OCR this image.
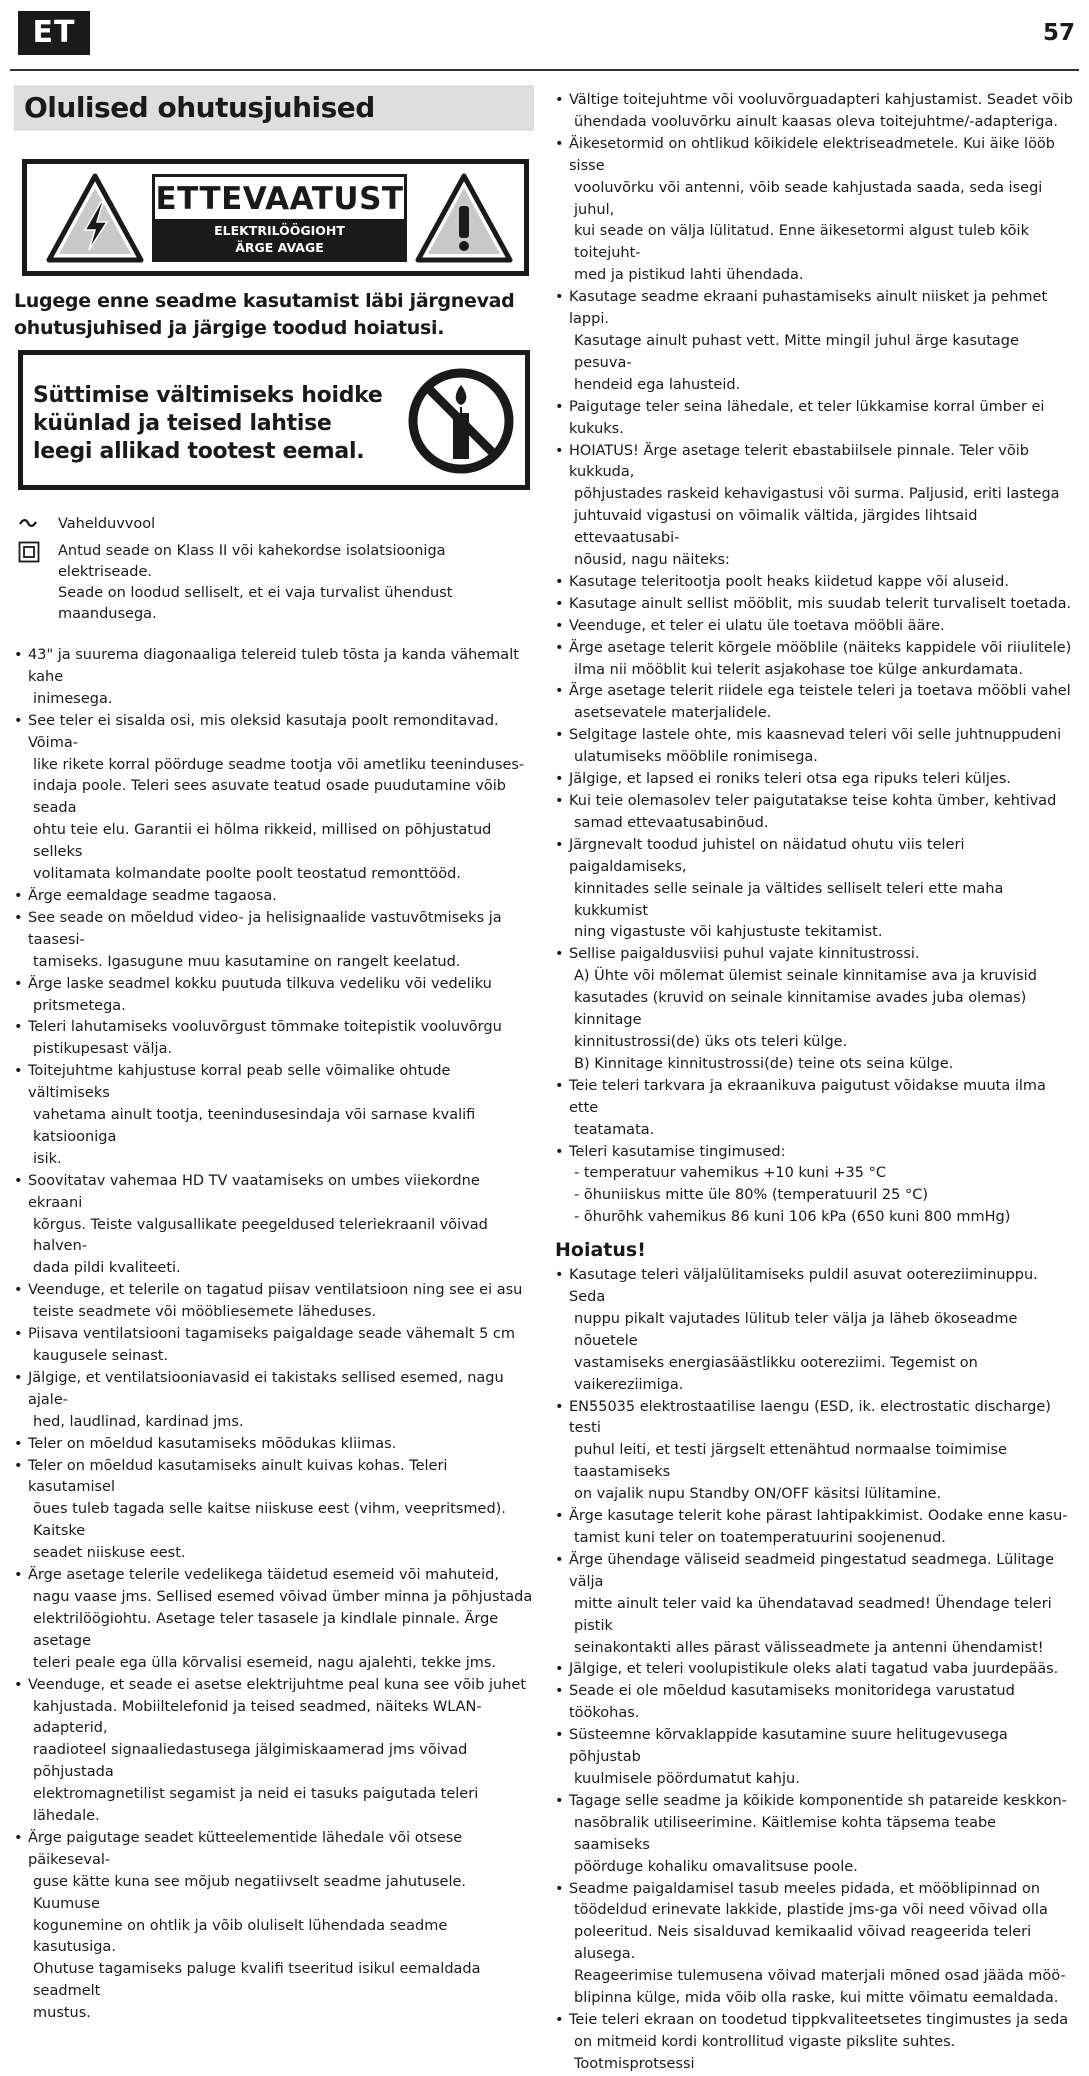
ET	57
Olulised ohutusjuhised
ETTEVAATUST
ELEKTRILÖÖGIOHT
ÄRGE AVAGE
Lugege enne seadme kasutamist läbi järgnevad
ohutusjuhised ja järgige toodud hoiatusi.
Süttimise vältimiseks hoidke
küünlad ja teised lahtise
leegi allikad tootest eemal.
Vahelduvvool
Antud seade on Klass II või kahekordse isolatsiooniga elektriseade.
Seade on loodud selliselt, et ei vaja turvalist ühendust
maandusega.
• 43" ja suurema diagonaaliga telereid tuleb tõsta ja kanda vähemalt kahe
inimesega.
• See teler ei sisalda osi, mis oleksid kasutaja poolt remonditavad. Võima-
like rikete korral pöörduge seadme tootja või ametliku teeninduses-
indaja poole. Teleri sees asuvate teatud osade puudutamine võib seada
ohtu teie elu. Garantii ei hõlma rikkeid, millised on põhjustatud selleks
volitamata kolmandate poolte poolt teostatud remonttööd.
• Ärge eemaldage seadme tagaosa.
• See seade on mõeldud video- ja helisignaalide vastuvõtmiseks ja taasesi-
tamiseks. Igasugune muu kasutamine on rangelt keelatud.
• Ärge laske seadmel kokku puutuda tilkuva vedeliku või vedeliku
pritsmetega.
• Teleri lahutamiseks vooluvõrgust tõmmake toitepistik vooluvõrgu
pistikupesast välja.
• Toitejuhtme kahjustuse korral peab selle võimalike ohtude vältimiseks
vahetama ainult tootja, teenindusesindaja või sarnase kvalifi katsiooniga
isik.
• Soovitatav vahemaa HD TV vaatamiseks on umbes viiekordne ekraani
kõrgus. Teiste valgusallikate peegeldused teleriekraanil võivad halven-
dada pildi kvaliteeti.
• Veenduge, et telerile on tagatud piisav ventilatsioon ning see ei asu
teiste seadmete või mööbliesemete läheduses.
• Piisava ventilatsiooni tagamiseks paigaldage seade vähemalt 5 cm
kaugusele seinast.
• Jälgige, et ventilatsiooniavasid ei takistaks sellised esemed, nagu ajale-
hed, laudlinad, kardinad jms.
• Teler on mõeldud kasutamiseks mõõdukas kliimas.
• Teler on mõeldud kasutamiseks ainult kuivas kohas. Teleri kasutamisel
õues tuleb tagada selle kaitse niiskuse eest (vihm, veepritsmed). Kaitske
seadet niiskuse eest.
• Ärge asetage telerile vedelikega täidetud esemeid või mahuteid,
nagu vaase jms. Sellised esemed võivad ümber minna ja põhjustada
elektrilöögiohtu. Asetage teler tasasele ja kindlale pinnale. Ärge asetage
teleri peale ega ülla kõrvalisi esemeid, nagu ajalehti, tekke jms.
• Veenduge, et seade ei asetse elektrijuhtme peal kuna see võib juhet
kahjustada. Mobiiltelefonid ja teised seadmed, näiteks WLAN-adapterid,
raadioteel signaaliedastusega jälgimiskaamerad jms võivad põhjustada
elektromagnetilist segamist ja neid ei tasuks paigutada teleri lähedale.
• Ärge paigutage seadet kütteelementide lähedale või otsese päikeseval-
guse kätte kuna see mõjub negatiivselt seadme jahutusele. Kuumuse
kogunemine on ohtlik ja võib oluliselt lühendada seadme kasutusiga.
Ohutuse tagamiseks paluge kvalifi tseeritud isikul eemaldada seadmelt
mustus.
• Vältige toitejuhtme või vooluvõrguadapteri kahjustamist. Seadet võib
ühendada vooluvõrku ainult kaasas oleva toitejuhtme/-adapteriga.
• Äikesetormid on ohtlikud kõikidele elektriseadmetele. Kui äike lööb sisse
vooluvõrku või antenni, võib seade kahjustada saada, seda isegi juhul,
kui seade on välja lülitatud. Enne äikesetormi algust tuleb kõik toitejuht-
med ja pistikud lahti ühendada.
• Kasutage seadme ekraani puhastamiseks ainult niisket ja pehmet lappi.
Kasutage ainult puhast vett. Mitte mingil juhul ärge kasutage pesuva-
hendeid ega lahusteid.
• Paigutage teler seina lähedale, et teler lükkamise korral ümber ei kukuks.
• HOIATUS! Ärge asetage telerit ebastabiilsele pinnale. Teler võib kukkuda,
põhjustades raskeid kehavigastusi või surma. Paljusid, eriti lastega
juhtuvaid vigastusi on võimalik vältida, järgides lihtsaid ettevaatusabi-
nõusid, nagu näiteks:
• Kasutage teleritootja poolt heaks kiidetud kappe või aluseid.
• Kasutage ainult sellist mööblit, mis suudab telerit turvaliselt toetada.
• Veenduge, et teler ei ulatu üle toetava mööbli ääre.
• Ärge asetage telerit kõrgele mööblile (näiteks kappidele või riiulitele)
ilma nii mööblit kui telerit asjakohase toe külge ankurdamata.
• Ärge asetage telerit riidele ega teistele teleri ja toetava mööbli vahel
asetsevatele materjalidele.
• Selgitage lastele ohte, mis kaasnevad teleri või selle juhtnuppudeni
ulatumiseks mööblile ronimisega.
• Jälgige, et lapsed ei roniks teleri otsa ega ripuks teleri küljes.
• Kui teie olemasolev teler paigutatakse teise kohta ümber, kehtivad
samad ettevaatusabinõud.
• Järgnevalt toodud juhistel on näidatud ohutu viis teleri paigaldamiseks,
kinnitades selle seinale ja vältides selliselt teleri ette maha kukkumist
ning vigastuste või kahjustuste tekitamist.
• Sellise paigaldusviisi puhul vajate kinnitustrossi.
A) Ühte või mõlemat ülemist seinale kinnitamise ava ja kruvisid
kasutades (kruvid on seinale kinnitamise avades juba olemas) kinnitage
kinnitustrossi(de) üks ots teleri külge.
B) Kinnitage kinnitustrossi(de) teine ots seina külge.
• Teie teleri tarkvara ja ekraanikuva paigutust võidakse muuta ilma ette
teatamata.
• Teleri kasutamise tingimused:
- temperatuur vahemikus +10 kuni +35 °C
- õhuniiskus mitte üle 80% (temperatuuril 25 °C)
- õhurõhk vahemikus 86 kuni 106 kPa (650 kuni 800 mmHg)
Hoiatus!
• Kasutage teleri väljalülitamiseks puldil asuvat ootereziiminuppu. Seda
nuppu pikalt vajutades lülitub teler välja ja läheb ökoseadme nõuetele
vastamiseks energiasäästlikku ootereziimi. Tegemist on vaikereziimiga.
• EN55035 elektrostaatilise laengu (ESD, ik. electrostatic discharge) testi
puhul leiti, et testi järgselt ettenähtud normaalse toimimise taastamiseks
on vajalik nupu Standby ON/OFF käsitsi lülitamine.
• Ärge kasutage telerit kohe pärast lahtipakkimist. Oodake enne kasu-
tamist kuni teler on toatemperatuurini soojenenud.
• Ärge ühendage väliseid seadmeid pingestatud seadmega. Lülitage välja
mitte ainult teler vaid ka ühendatavad seadmed! Ühendage teleri pistik
seinakontakti alles pärast välisseadmete ja antenni ühendamist!
• Jälgige, et teleri voolupistikule oleks alati tagatud vaba juurdepääs.
• Seade ei ole mõeldud kasutamiseks monitoridega varustatud töökohas.
• Süsteemne kõrvaklappide kasutamine suure helitugevusega põhjustab
kuulmisele pöördumatut kahju.
• Tagage selle seadme ja kõikide komponentide sh patareide keskkon-
nasõbralik utiliseerimine. Käitlemise kohta täpsema teabe saamiseks
pöörduge kohaliku omavalitsuse poole.
• Seadme paigaldamisel tasub meeles pidada, et mööblipinnad on
töödeldud erinevate lakkide, plastide jms-ga või need võivad olla
poleeritud. Neis sisalduvad kemikaalid võivad reageerida teleri alusega.
Reageerimise tulemusena võivad materjali mõned osad jääda möö-
blipinna külge, mida võib olla raske, kui mitte võimatu eemaldada.
• Teie teleri ekraan on toodetud tippkvaliteetsetes tingimustes ja seda
on mitmeid kordi kontrollitud vigaste pikslite suhtes. Tootmisprotsessi
